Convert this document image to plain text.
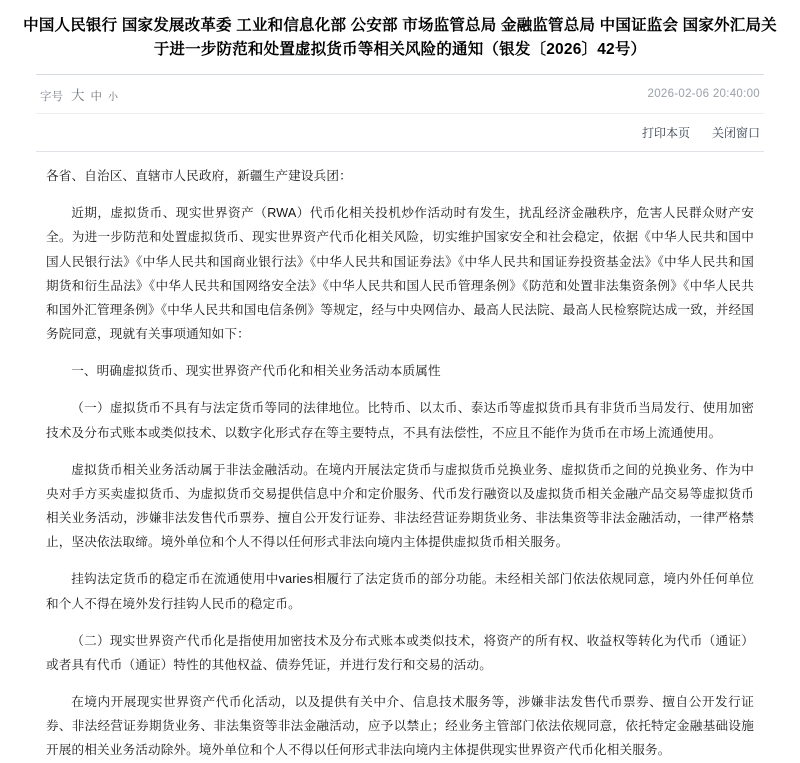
中国人民银行 国家发展改革委 工业和信息化部 公安部 市场监管总局 金融监管总局 中国证监会 国家外汇局关于进一步防范和处置虚拟货币等相关风险的通知（银发〔2026〕42号）
字号 大 中 小	2026-02-06 20:40:00
打印本页 关闭窗口

各省、自治区、直辖市人民政府，新疆生产建设兵团：

近期，虚拟货币、现实世界资产（RWA）代币化相关投机炒作活动时有发生，扰乱经济金融秩序，危害人民群众财产安全。为进一步防范和处置虚拟货币、现实世界资产代币化相关风险，切实维护国家安全和社会稳定，依据《中华人民共和国中国人民银行法》《中华人民共和国商业银行法》《中华人民共和国证券法》《中华人民共和国证券投资基金法》《中华人民共和国期货和衍生品法》《中华人民共和国网络安全法》《中华人民共和国人民币管理条例》《防范和处置非法集资条例》《中华人民共和国外汇管理条例》《中华人民共和国电信条例》等规定，经与中央网信办、最高人民法院、最高人民检察院达成一致，并经国务院同意，现就有关事项通知如下：

一、明确虚拟货币、现实世界资产代币化和相关业务活动本质属性

（一）虚拟货币不具有与法定货币等同的法律地位。比特币、以太币、泰达币等虚拟货币具有非货币当局发行、使用加密技术及分布式账本或类似技术、以数字化形式存在等主要特点，不具有法偿性，不应且不能作为货币在市场上流通使用。

虚拟货币相关业务活动属于非法金融活动。在境内开展法定货币与虚拟货币兑换业务、虚拟货币之间的兑换业务、作为中央对手方买卖虚拟货币、为虚拟货币交易提供信息中介和定价服务、代币发行融资以及虚拟货币相关金融产品交易等虚拟货币相关业务活动，涉嫌非法发售代币票券、擅自公开发行证券、非法经营证券期货业务、非法集资等非法金融活动，一律严格禁止，坚决依法取缔。境外单位和个人不得以任何形式非法向境内主体提供虚拟货币相关服务。

挂钩法定货币的稳定币在流通使用中varies相履行了法定货币的部分功能。未经相关部门依法依规同意，境内外任何单位和个人不得在境外发行挂钩人民币的稳定币。

（二）现实世界资产代币化是指使用加密技术及分布式账本或类似技术，将资产的所有权、收益权等转化为代币（通证）或者具有代币（通证）特性的其他权益、债券凭证，并进行发行和交易的活动。

在境内开展现实世界资产代币化活动，以及提供有关中介、信息技术服务等，涉嫌非法发售代币票券、擅自公开发行证券、非法经营证券期货业务、非法集资等非法金融活动，应予以禁止；经业务主管部门依法依规同意，依托特定金融基础设施开展的相关业务活动除外。境外单位和个人不得以任何形式非法向境内主体提供现实世界资产代币化相关服务。
